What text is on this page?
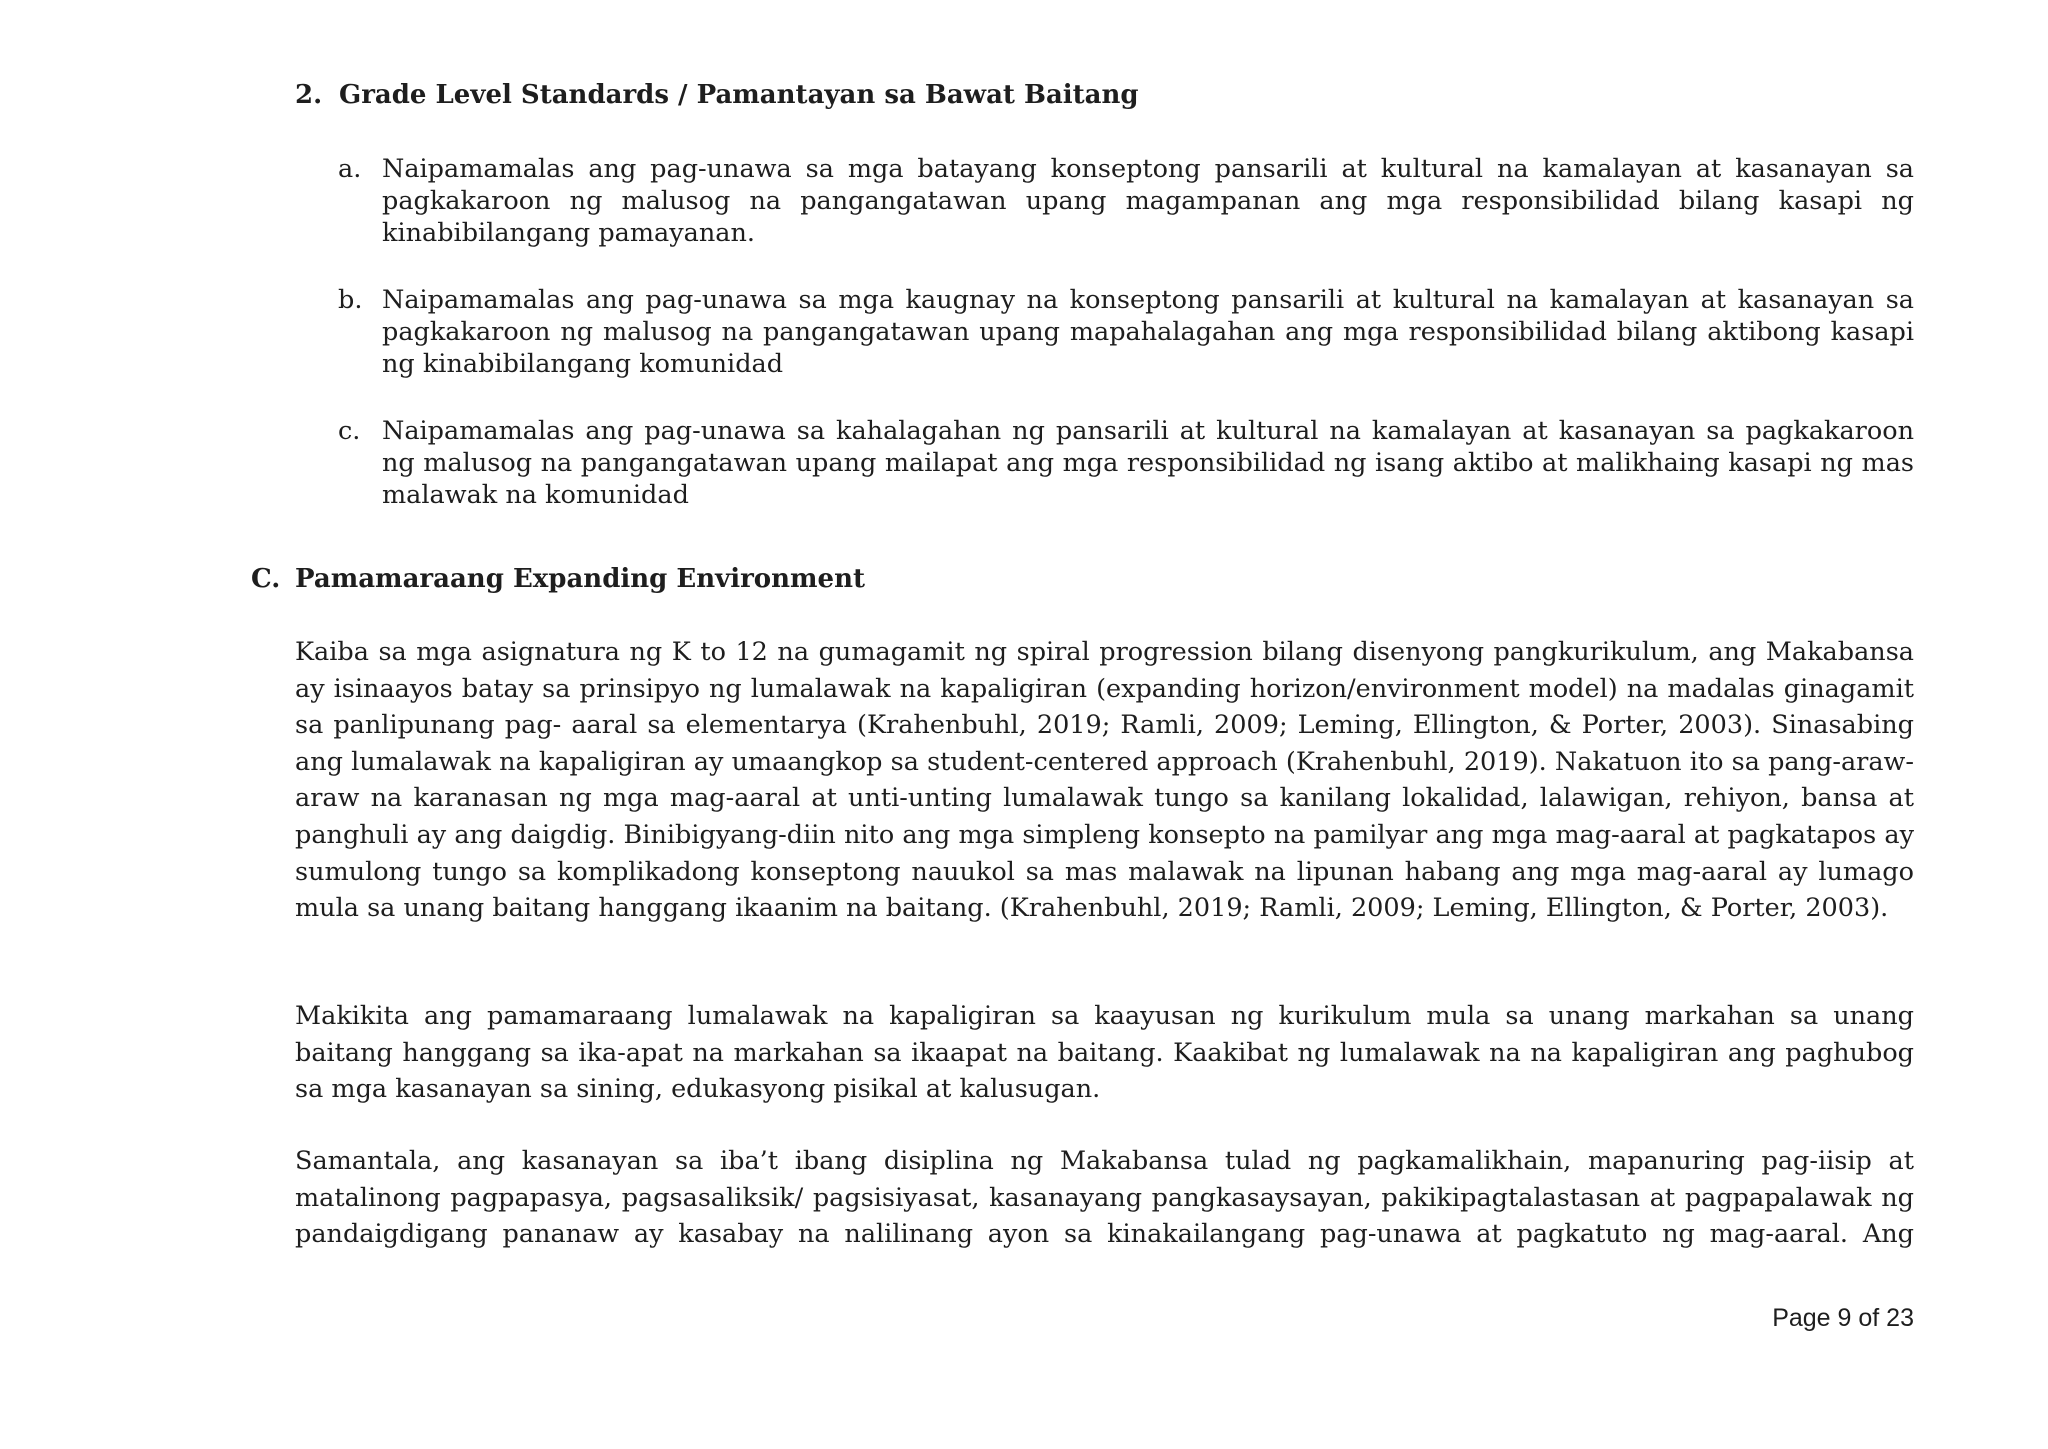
2. Grade Level Standards / Pamantayan sa Bawat Baitang
a. Naipamamalas ang pag-unawa sa mga batayang konseptong pansarili at kultural na kamalayan at kasanayan sa pagkakaroon ng malusog na pangangatawan upang magampanan ang mga responsibilidad bilang kasapi ng kinabibilangang pamayanan.
b. Naipamamalas ang pag-unawa sa mga kaugnay na konseptong pansarili at kultural na kamalayan at kasanayan sa pagkakaroon ng malusog na pangangatawan upang mapahalagahan ang mga responsibilidad bilang aktibong kasapi ng kinabibilangang komunidad
c. Naipamamalas ang pag-unawa sa kahalagahan ng pansarili at kultural na kamalayan at kasanayan sa pagkakaroon ng malusog na pangangatawan upang mailapat ang mga responsibilidad ng isang aktibo at malikhaing kasapi ng mas malawak na komunidad
C. Pamamaraang Expanding Environment
Kaiba sa mga asignatura ng K to 12 na gumagamit ng spiral progression bilang disenyong pangkurikulum, ang Makabansa ay isinaayos batay sa prinsipyo ng lumalawak na kapaligiran (expanding horizon/environment model) na madalas ginagamit sa panlipunang pag- aaral sa elementarya (Krahenbuhl, 2019; Ramli, 2009; Leming, Ellington, & Porter, 2003). Sinasabing ang lumalawak na kapaligiran ay umaangkop sa student-centered approach (Krahenbuhl, 2019). Nakatuon ito sa pang-araw-araw na karanasan ng mga mag-aaral at unti-unting lumalawak tungo sa kanilang lokalidad, lalawigan, rehiyon, bansa at panghuli ay ang daigdig. Binibigyang-diin nito ang mga simpleng konsepto na pamilyar ang mga mag-aaral at pagkatapos ay sumulong tungo sa komplikadong konseptong nauukol sa mas malawak na lipunan habang ang mga mag-aaral ay lumago mula sa unang baitang hanggang ikaanim na baitang. (Krahenbuhl, 2019; Ramli, 2009; Leming, Ellington, & Porter, 2003).
Makikita ang pamamaraang lumalawak na kapaligiran sa kaayusan ng kurikulum mula sa unang markahan sa unang baitang hanggang sa ika-apat na markahan sa ikaapat na baitang. Kaakibat ng lumalawak na na kapaligiran ang paghubog sa mga kasanayan sa sining, edukasyong pisikal at kalusugan.
Samantala, ang kasanayan sa iba’t ibang disiplina ng Makabansa tulad ng pagkamalikhain, mapanuring pag-iisip at matalinong pagpapasya, pagsasaliksik/ pagsisiyasat, kasanayang pangkasaysayan, pakikipagtalastasan at pagpapalawak ng pandaigdigang pananaw ay kasabay na nalilinang ayon sa kinakailangang pag-unawa at pagkatuto ng mag-aaral. Ang
Page 9 of 23
